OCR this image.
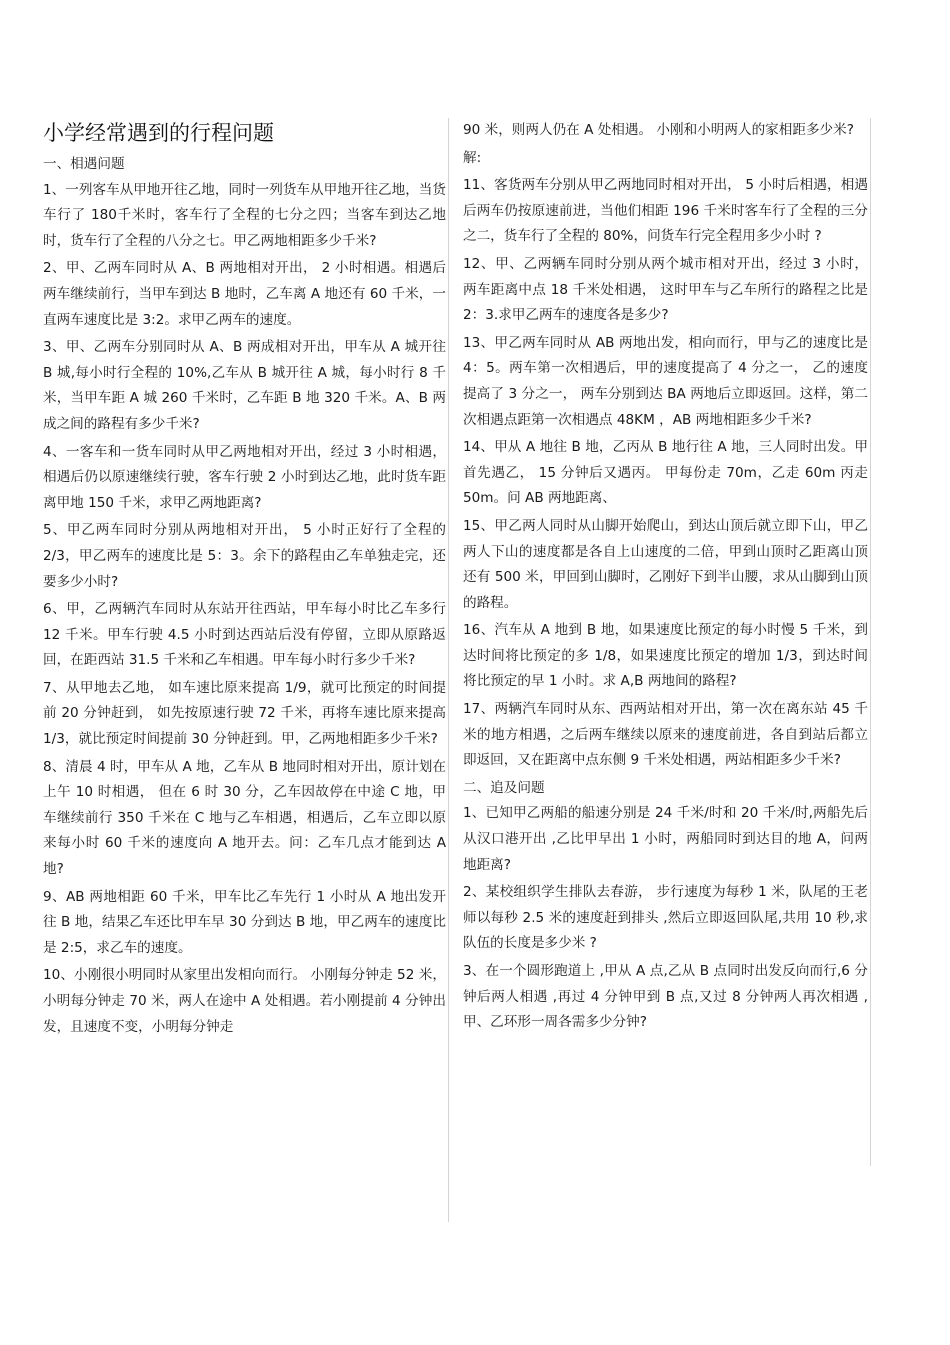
小学经常遇到的行程问题

一、相遇问题

1、一列客车从甲地开往乙地，同时一列货车从甲地开往乙地，当货车行了 180千米时，客车行了全程的七分之四；当客车到达乙地时，货车行了全程的八分之七。甲乙两地相距多少千米?

2、甲、乙两车同时从 A、B 两地相对开出， 2 小时相遇。相遇后两车继续前行，当甲车到达 B 地时，乙车离 A 地还有 60 千米，一直两车速度比是 3:2。求甲乙两车的速度。

3、甲、乙两车分别同时从 A、B 两成相对开出，甲车从 A 城开往 B 城,每小时行全程的 10%,乙车从 B 城开往 A 城，每小时行 8 千米，当甲车距 A 城 260 千米时，乙车距 B 地 320 千米。A、B 两成之间的路程有多少千米?

4、一客车和一货车同时从甲乙两地相对开出，经过 3 小时相遇，相遇后仍以原速继续行驶，客车行驶 2 小时到达乙地，此时货车距离甲地 150 千米，求甲乙两地距离?

5、甲乙两车同时分别从两地相对开出， 5 小时正好行了全程的 2/3，甲乙两车的速度比是 5：3。余下的路程由乙车单独走完，还要多少小时?

6、甲，乙两辆汽车同时从东站开往西站，甲车每小时比乙车多行 12 千米。甲车行驶 4.5 小时到达西站后没有停留，立即从原路返回，在距西站 31.5 千米和乙车相遇。甲车每小时行多少千米?

7、从甲地去乙地， 如车速比原来提高 1/9，就可比预定的时间提前 20 分钟赶到， 如先按原速行驶 72 千米，再将车速比原来提高 1/3，就比预定时间提前 30 分钟赶到。甲，乙两地相距多少千米?

8、清晨 4 时，甲车从 A 地，乙车从 B 地同时相对开出，原计划在上午 10 时相遇， 但在 6 时 30 分，乙车因故停在中途 C 地，甲车继续前行 350 千米在 C 地与乙车相遇，相遇后，乙车立即以原来每小时 60 千米的速度向 A 地开去。问：乙车几点才能到达 A 地?

9、AB 两地相距 60 千米，甲车比乙车先行 1 小时从 A 地出发开往 B 地，结果乙车还比甲车早 30 分到达 B 地，甲乙两车的速度比是 2:5，求乙车的速度。

10、小刚很小明同时从家里出发相向而行。 小刚每分钟走 52 米，小明每分钟走 70 米，两人在途中 A 处相遇。若小刚提前 4 分钟出发，且速度不变，小明每分钟走

90 米，则两人仍在 A 处相遇。 小刚和小明两人的家相距多少米?

解:

11、客货两车分别从甲乙两地同时相对开出， 5 小时后相遇，相遇后两车仍按原速前进，当他们相距 196 千米时客车行了全程的三分之二，货车行了全程的 80%，问货车行完全程用多少小时 ?

12、甲、乙两辆车同时分别从两个城市相对开出，经过 3 小时， 两车距离中点 18 千米处相遇， 这时甲车与乙车所行的路程之比是 2：3.求甲乙两车的速度各是多少?

13、甲乙两车同时从 AB 两地出发，相向而行，甲与乙的速度比是 4：5。两车第一次相遇后，甲的速度提高了 4 分之一， 乙的速度提高了 3 分之一， 两车分别到达 BA 两地后立即返回。这样，第二次相遇点距第一次相遇点 48KM ，AB 两地相距多少千米?

14、甲从 A 地往 B 地，乙丙从 B 地行往 A 地，三人同时出发。甲首先遇乙， 15 分钟后又遇丙。 甲每份走 70m，乙走 60m 丙走 50m。问 AB 两地距离、

15、甲乙两人同时从山脚开始爬山，到达山顶后就立即下山，甲乙两人下山的速度都是各自上山速度的二倍，甲到山顶时乙距离山顶还有 500 米，甲回到山脚时，乙刚好下到半山腰，求从山脚到山顶的路程。

16、汽车从 A 地到 B 地，如果速度比预定的每小时慢 5 千米，到达时间将比预定的多 1/8，如果速度比预定的增加 1/3，到达时间将比预定的早 1 小时。求 A,B 两地间的路程?

17、两辆汽车同时从东、西两站相对开出，第一次在离东站 45 千米的地方相遇，之后两车继续以原来的速度前进，各自到站后都立即返回，又在距离中点东侧 9 千米处相遇，两站相距多少千米?

二、追及问题

1、已知甲乙两船的船速分别是 24 千米/时和 20 千米/时,两船先后从汉口港开出 ,乙比甲早出 1 小时，两船同时到达目的地 A，问两地距离?

2、某校组织学生排队去春游， 步行速度为每秒 1 米，队尾的王老师以每秒 2.5 米的速度赶到排头 ,然后立即返回队尾,共用 10 秒,求队伍的长度是多少米 ?

3、在一个圆形跑道上 ,甲从 A 点,乙从 B 点同时出发反向而行,6 分钟后两人相遇 ,再过 4 分钟甲到 B 点,又过 8 分钟两人再次相遇 ,甲、乙环形一周各需多少分钟?
